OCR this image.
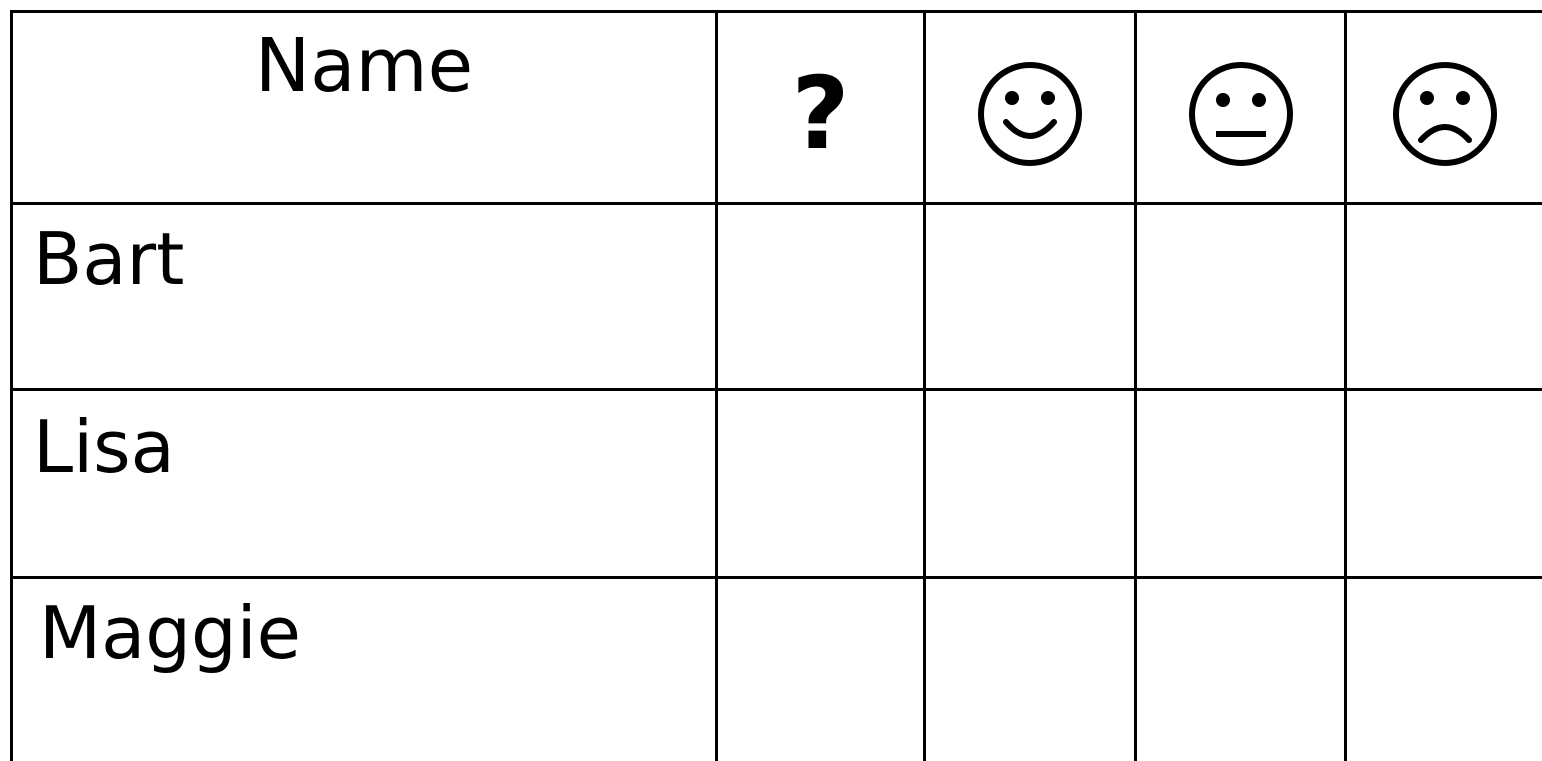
Name	?
Bart
Lisa
Maggie
